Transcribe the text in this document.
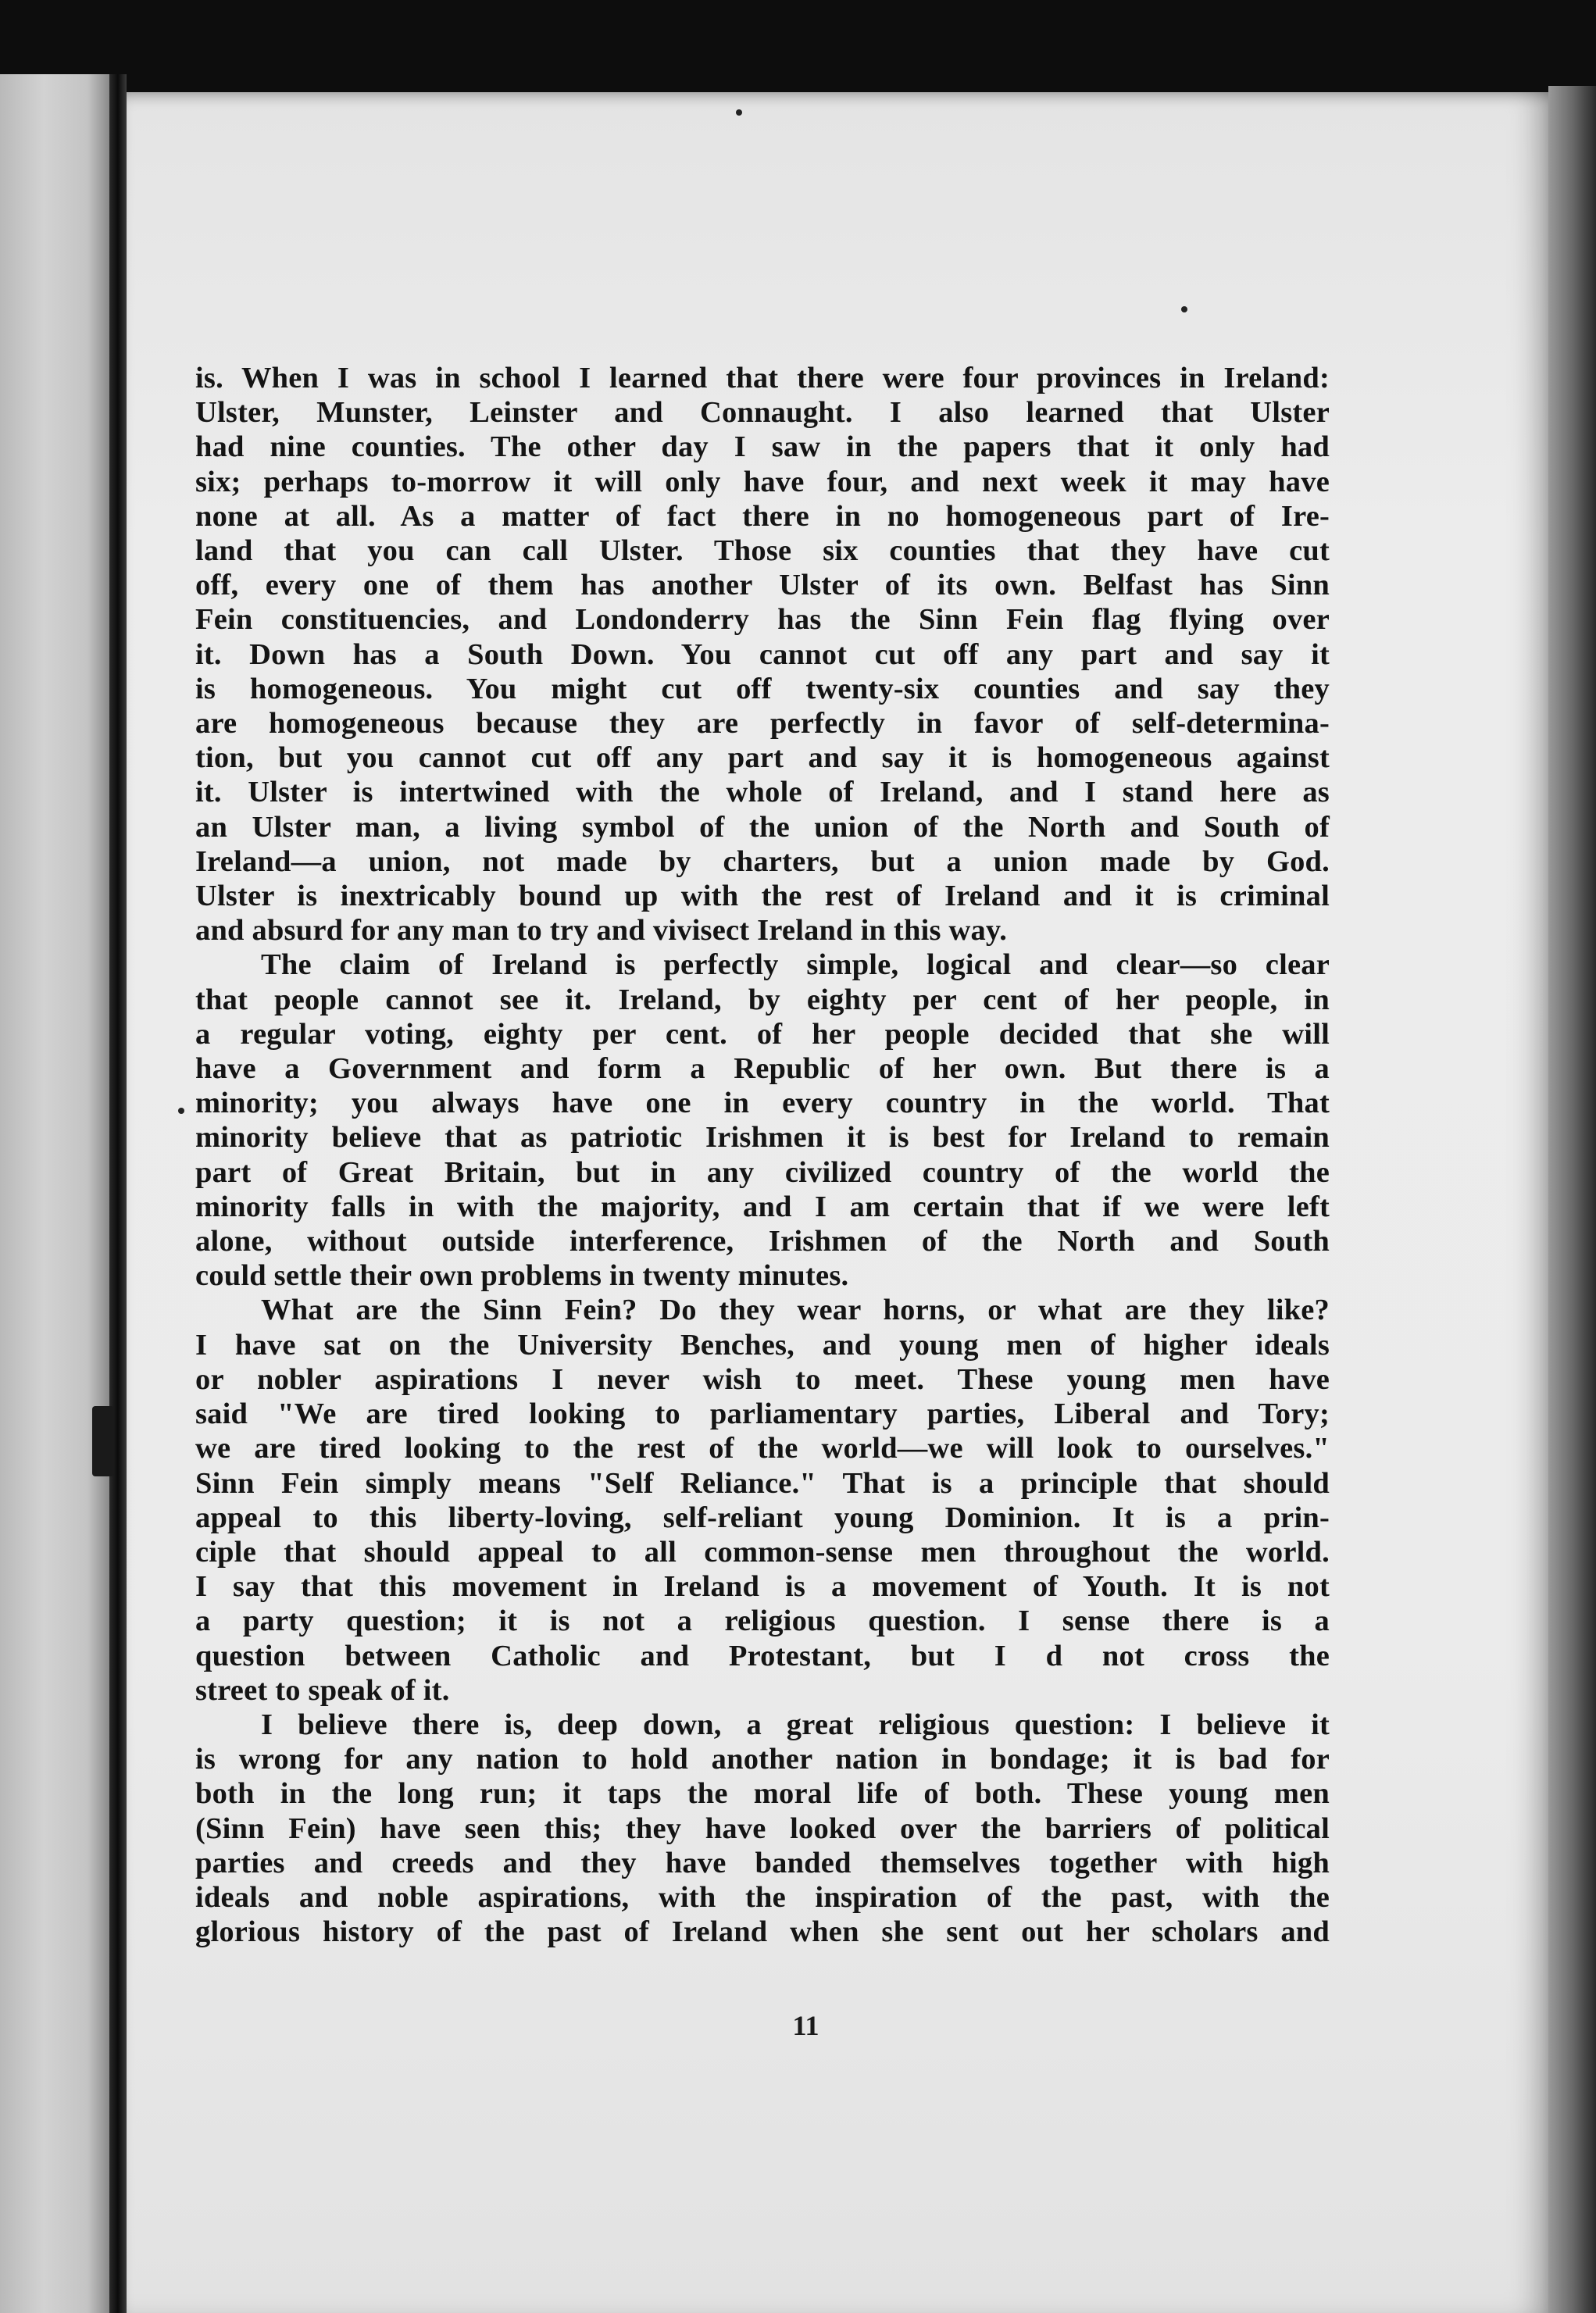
is. When I was in school I learned that there were four provinces in Ireland:

Ulster, Munster, Leinster and Connaught. I also learned that Ulster

had nine counties. The other day I saw in the papers that it only had

six; perhaps to-morrow it will only have four, and next week it may have

none at all. As a matter of fact there in no homogeneous part of Ire-

land that you can call Ulster. Those six counties that they have cut

off, every one of them has another Ulster of its own. Belfast has Sinn

Fein constituencies, and Londonderry has the Sinn Fein flag flying over

it. Down has a South Down. You cannot cut off any part and say it

is homogeneous. You might cut off twenty-six counties and say they

are homogeneous because they are perfectly in favor of self-determina-

tion, but you cannot cut off any part and say it is homogeneous against

it. Ulster is intertwined with the whole of Ireland, and I stand here as

an Ulster man, a living symbol of the union of the North and South of

Ireland—a union, not made by charters, but a union made by God.

Ulster is inextricably bound up with the rest of Ireland and it is criminal

and absurd for any man to try and vivisect Ireland in this way.

The claim of Ireland is perfectly simple, logical and clear—so clear

that people cannot see it. Ireland, by eighty per cent of her people, in

a regular voting, eighty per cent. of her people decided that she will

have a Government and form a Republic of her own. But there is a

minority; you always have one in every country in the world. That

minority believe that as patriotic Irishmen it is best for Ireland to remain

part of Great Britain, but in any civilized country of the world the

minority falls in with the majority, and I am certain that if we were left

alone, without outside interference, Irishmen of the North and South

could settle their own problems in twenty minutes.

What are the Sinn Fein? Do they wear horns, or what are they like?

I have sat on the University Benches, and young men of higher ideals

or nobler aspirations I never wish to meet. These young men have

said "We are tired looking to parliamentary parties, Liberal and Tory;

we are tired looking to the rest of the world—we will look to ourselves."

Sinn Fein simply means "Self Reliance." That is a principle that should

appeal to this liberty-loving, self-reliant young Dominion. It is a prin-

ciple that should appeal to all common-sense men throughout the world.

I say that this movement in Ireland is a movement of Youth. It is not

a party question; it is not a religious question. I sense there is a

question between Catholic and Protestant, but I d not cross the

street to speak of it.

I believe there is, deep down, a great religious question: I believe it

is wrong for any nation to hold another nation in bondage; it is bad for

both in the long run; it taps the moral life of both. These young men

(Sinn Fein) have seen this; they have looked over the barriers of political

parties and creeds and they have banded themselves together with high

ideals and noble aspirations, with the inspiration of the past, with the

glorious history of the past of Ireland when she sent out her scholars and

11
